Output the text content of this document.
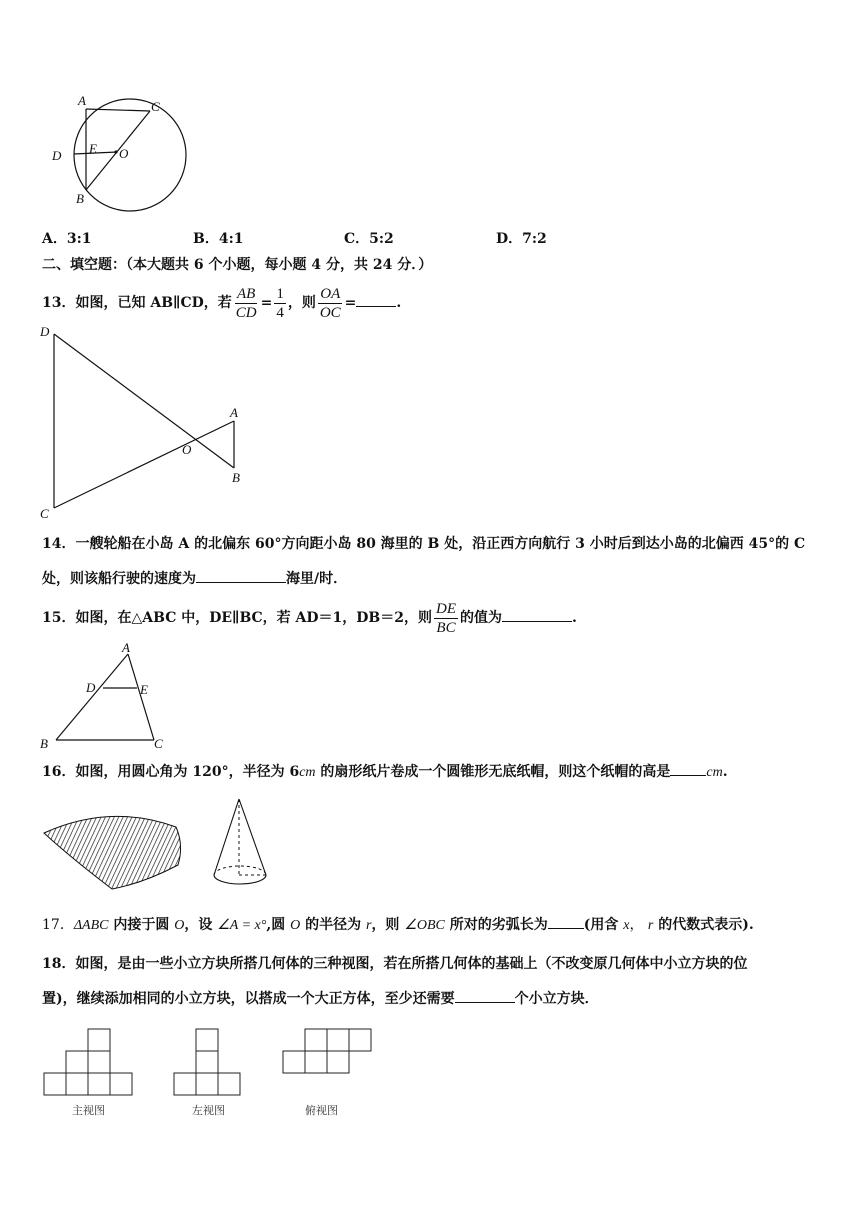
A	C
D E O
B
A．3:1	B．4:1	C．5:2	D．7:2
二、填空题：（本大题共 6 个小题，每小题 4 分，共 24 分．）
13．如图，已知 AB∥CD，若 $\frac{AB}{CD} = \frac{1}{4}$ ，则 $\frac{OA}{OC}$ =	.
D
A
O
B
C
14．一艘轮船在小岛 A 的北偏东 60°方向距小岛 80 海里的 B 处，沿正西方向航行 3 小时后到达小岛的北偏西 45°的 C
处，则该船行驶的速度为	海里/时．
15．如图，在△ABC 中，DE∥BC，若 AD＝1，DB＝2，则 $\frac{DE}{BC}$ 的值为	.
A
D	E
B	C
16．如图，用圆心角为 120°，半径为 6cm 的扇形纸片卷成一个圆锥形无底纸帽，则这个纸帽的高是	cm.
17．ΔABC 内接于圆 O，设 ∠A = x°,圆 O 的半径为 r，则 ∠OBC 所对的劣弧长为	(用含 x， r 的代数式表示).
18．如图，是由一些小立方块所搭几何体的三种视图，若在所搭几何体的基础上（不改变原几何体中小立方块的位
置)，继续添加相同的小立方块，以搭成一个大正方体，至少还需要	个小立方块．
主视图	左视图	俯视图
